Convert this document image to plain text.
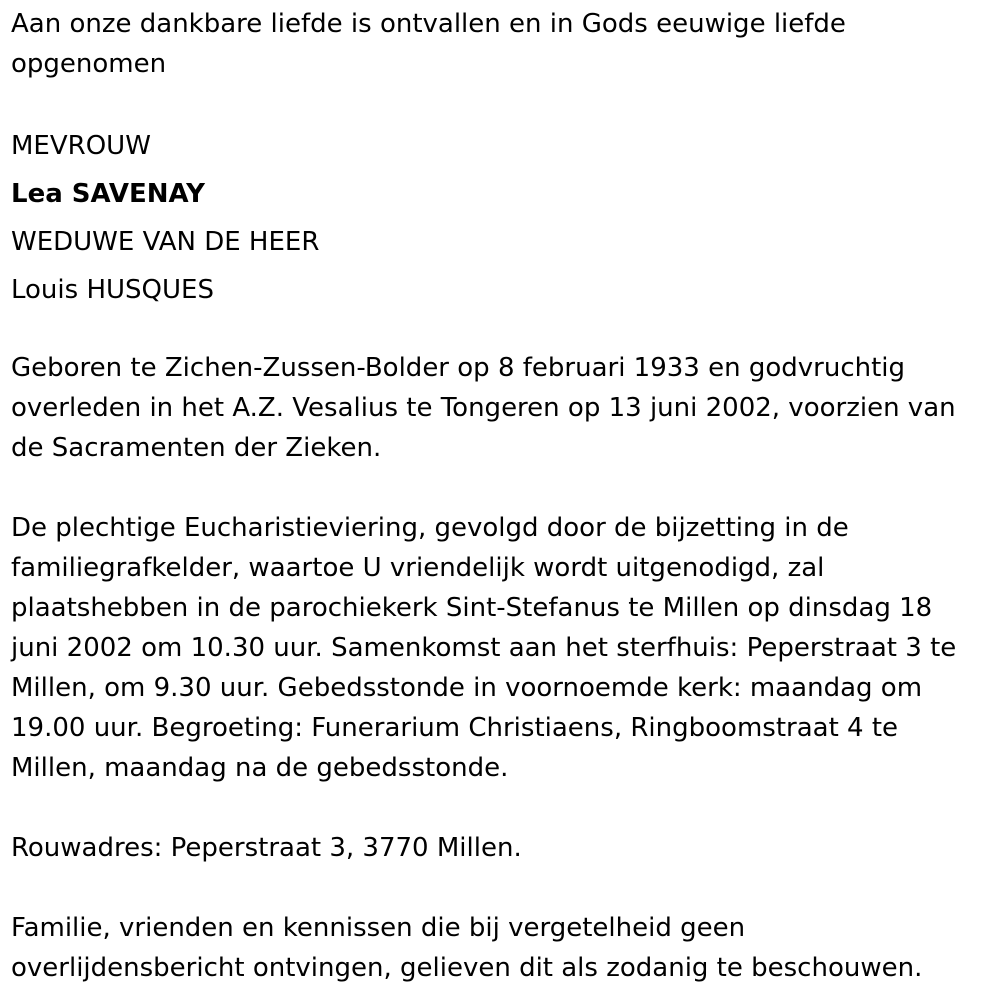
Aan onze dankbare liefde is ontvallen en in Gods eeuwige liefde opgenomen

MEVROUW

Lea SAVENAY

WEDUWE VAN DE HEER

Louis HUSQUES

Geboren te Zichen-Zussen-Bolder op 8 februari 1933 en godvruchtig overleden in het A.Z. Vesalius te Tongeren op 13 juni 2002, voorzien van de Sacramenten der Zieken.

De plechtige Eucharistieviering, gevolgd door de bijzetting in de familiegrafkelder, waartoe U vriendelijk wordt uitgenodigd, zal plaatshebben in de parochiekerk Sint-Stefanus te Millen op dinsdag 18 juni 2002 om 10.30 uur. Samenkomst aan het sterfhuis: Peperstraat 3 te Millen, om 9.30 uur. Gebedsstonde in voornoemde kerk: maandag om 19.00 uur. Begroeting: Funerarium Christiaens, Ringboomstraat 4 te Millen, maandag na de gebedsstonde.

Rouwadres: Peperstraat 3, 3770 Millen.

Familie, vrienden en kennissen die bij vergetelheid geen overlijdensbericht ontvingen, gelieven dit als zodanig te beschouwen.
